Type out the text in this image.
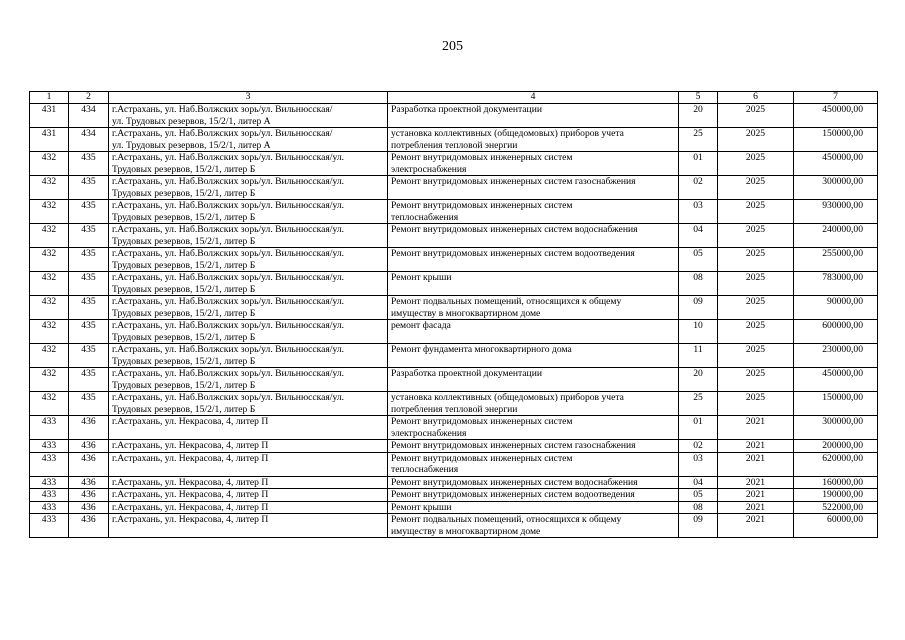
205
1	2	3	4	5	6	7
431	434	г.Астрахань, ул. Наб.Волжских зорь/ул. Вильнюсская/
ул. Трудовых резервов, 15/2/1, литер А	Разработка проектной документации	20	2025	450000,00
431	434	г.Астрахань, ул. Наб.Волжских зорь/ул. Вильнюсская/
ул. Трудовых резервов, 15/2/1, литер А	установка коллективных (общедомовых) приборов учета
потребления тепловой энергии	25	2025	150000,00
432	435	г.Астрахань, ул. Наб.Волжских зорь/ул. Вильнюсская/ул.
Трудовых резервов, 15/2/1, литер Б	Ремонт внутридомовых инженерных систем
электроснабжения	01	2025	450000,00
432	435	г.Астрахань, ул. Наб.Волжских зорь/ул. Вильнюсская/ул.
Трудовых резервов, 15/2/1, литер Б	Ремонт внутридомовых инженерных систем газоснабжения	02	2025	300000,00
432	435	г.Астрахань, ул. Наб.Волжских зорь/ул. Вильнюсская/ул.
Трудовых резервов, 15/2/1, литер Б	Ремонт внутридомовых инженерных систем
теплоснабжения	03	2025	930000,00
432	435	г.Астрахань, ул. Наб.Волжских зорь/ул. Вильнюсская/ул.
Трудовых резервов, 15/2/1, литер Б	Ремонт внутридомовых инженерных систем водоснабжения	04	2025	240000,00
432	435	г.Астрахань, ул. Наб.Волжских зорь/ул. Вильнюсская/ул.
Трудовых резервов, 15/2/1, литер Б	Ремонт внутридомовых инженерных систем водоотведения	05	2025	255000,00
432	435	г.Астрахань, ул. Наб.Волжских зорь/ул. Вильнюсская/ул.
Трудовых резервов, 15/2/1, литер Б	Ремонт крыши	08	2025	783000,00
432	435	г.Астрахань, ул. Наб.Волжских зорь/ул. Вильнюсская/ул.
Трудовых резервов, 15/2/1, литер Б	Ремонт подвальных помещений, относящихся к общему
имуществу в многоквартирном доме	09	2025	90000,00
432	435	г.Астрахань, ул. Наб.Волжских зорь/ул. Вильнюсская/ул.
Трудовых резервов, 15/2/1, литер Б	ремонт фасада	10	2025	600000,00
432	435	г.Астрахань, ул. Наб.Волжских зорь/ул. Вильнюсская/ул.
Трудовых резервов, 15/2/1, литер Б	Ремонт фундамента многоквартирного дома	11	2025	230000,00
432	435	г.Астрахань, ул. Наб.Волжских зорь/ул. Вильнюсская/ул.
Трудовых резервов, 15/2/1, литер Б	Разработка проектной документации	20	2025	450000,00
432	435	г.Астрахань, ул. Наб.Волжских зорь/ул. Вильнюсская/ул.
Трудовых резервов, 15/2/1, литер Б	установка коллективных (общедомовых) приборов учета
потребления тепловой энергии	25	2025	150000,00
433	436	г.Астрахань, ул. Некрасова, 4, литер П	Ремонт внутридомовых инженерных систем
электроснабжения	01	2021	300000,00
433	436	г.Астрахань, ул. Некрасова, 4, литер П	Ремонт внутридомовых инженерных систем газоснабжения	02	2021	200000,00
433	436	г.Астрахань, ул. Некрасова, 4, литер П	Ремонт внутридомовых инженерных систем
теплоснабжения	03	2021	620000,00
433	436	г.Астрахань, ул. Некрасова, 4, литер П	Ремонт внутридомовых инженерных систем водоснабжения	04	2021	160000,00
433	436	г.Астрахань, ул. Некрасова, 4, литер П	Ремонт внутридомовых инженерных систем водоотведения	05	2021	190000,00
433	436	г.Астрахань, ул. Некрасова, 4, литер П	Ремонт крыши	08	2021	522000,00
433	436	г.Астрахань, ул. Некрасова, 4, литер П	Ремонт подвальных помещений, относящихся к общему
имуществу в многоквартирном доме	09	2021	60000,00
